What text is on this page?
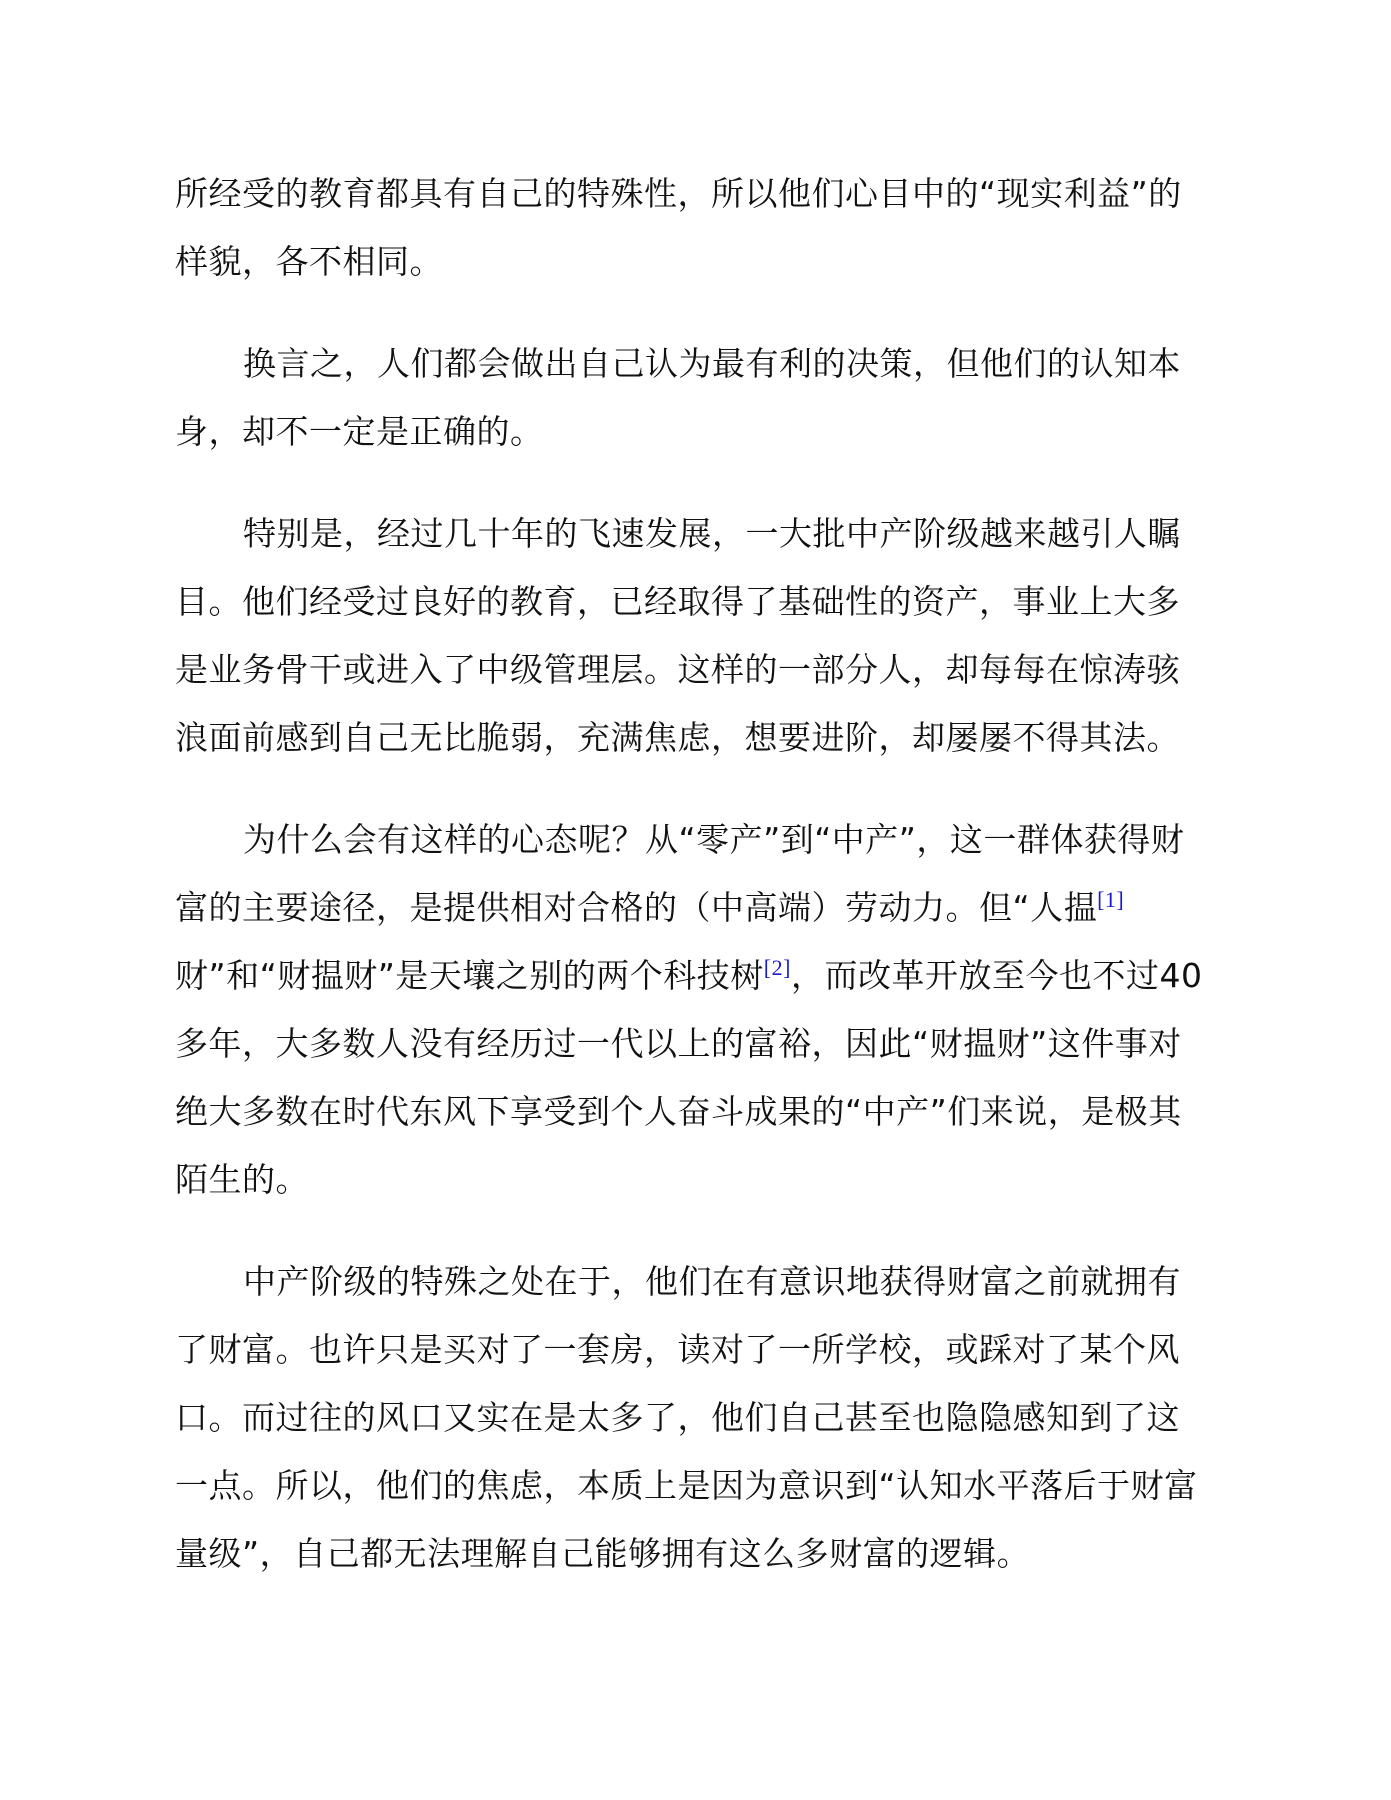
所经受的教育都具有自己的特殊性，所以他们心目中的“现实利益”的
样貌，各不相同。

换言之，人们都会做出自己认为最有利的决策，但他们的认知本
身，却不一定是正确的。

特别是，经过几十年的飞速发展，一大批中产阶级越来越引人瞩
目。他们经受过良好的教育，已经取得了基础性的资产，事业上大多
是业务骨干或进入了中级管理层。这样的一部分人，却每每在惊涛骇
浪面前感到自己无比脆弱，充满焦虑，想要进阶，却屡屡不得其法。

为什么会有这样的心态呢？从“零产”到“中产”，这一群体获得财
富的主要途径，是提供相对合格的（中高端）劳动力。但“人揾[1]
财”和“财揾财”是天壤之别的两个科技树[2]，而改革开放至今也不过40
多年，大多数人没有经历过一代以上的富裕，因此“财揾财”这件事对
绝大多数在时代东风下享受到个人奋斗成果的“中产”们来说，是极其
陌生的。

中产阶级的特殊之处在于，他们在有意识地获得财富之前就拥有
了财富。也许只是买对了一套房，读对了一所学校，或踩对了某个风
口。而过往的风口又实在是太多了，他们自己甚至也隐隐感知到了这
一点。所以，他们的焦虑，本质上是因为意识到“认知水平落后于财富
量级”，自己都无法理解自己能够拥有这么多财富的逻辑。
